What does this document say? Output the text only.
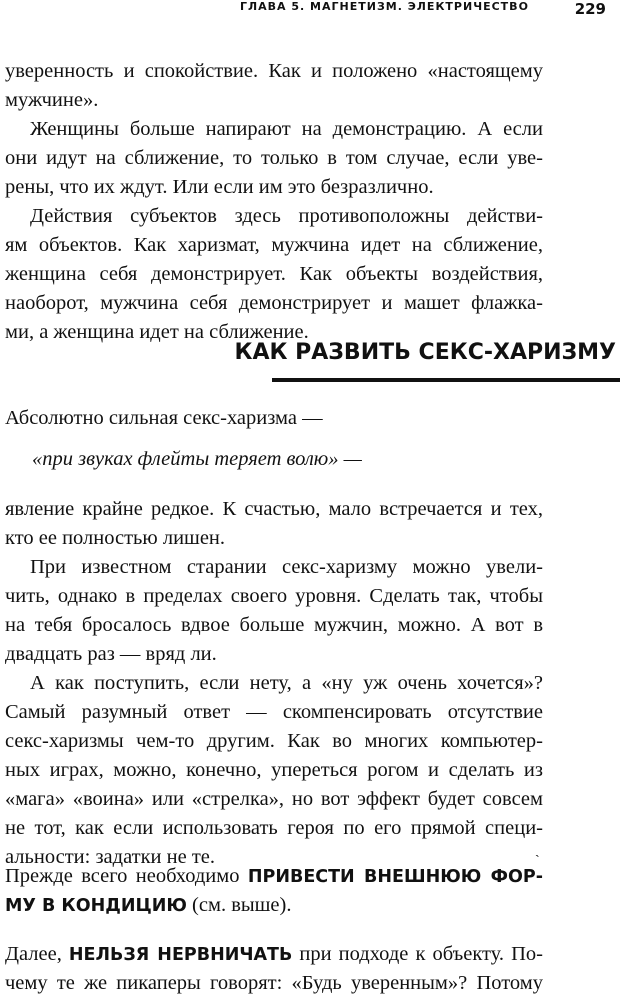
ГЛАВА 5. МАГНЕТИЗМ. ЭЛЕКТРИЧЕСТВО	229
уверенность и спокойствие. Как и положено «настоящему
мужчине».
Женщины больше напирают на демонстрацию. А если
они идут на сближение, то только в том случае, если уве-
рены, что их ждут. Или если им это безразлично.
Действия субъектов здесь противоположны действи-
ям объектов. Как харизмат, мужчина идет на сближение,
женщина себя демонстрирует. Как объекты воздействия,
наоборот, мужчина себя демонстрирует и машет флажка-
ми, а женщина идет на сближение.
КАК РАЗВИТЬ СЕКС-ХАРИЗМУ
Абсолютно сильная секс-харизма —
«при звуках флейты теряет волю» —
явление крайне редкое. К счастью, мало встречается и тех,
кто ее полностью лишен.
При известном старании секс-харизму можно увели-
чить, однако в пределах своего уровня. Сделать так, чтобы
на тебя бросалось вдвое больше мужчин, можно. А вот в
двадцать раз — вряд ли.
А как поступить, если нету, а «ну уж очень хочется»?
Самый разумный ответ — скомпенсировать отсутствие
секс-харизмы чем-то другим. Как во многих компьютер-
ных играх, можно, конечно, упереться рогом и сделать из
«мага» «воина» или «стрелка», но вот эффект будет совсем
не тот, как если использовать героя по его прямой специ-
альности: задатки не те.	ˏ
Прежде всего необходимо ПРИВЕСТИ ВНЕШНЮЮ ФОР-
МУ В КОНДИЦИЮ (см. выше).
Далее, НЕЛЬЗЯ НЕРВНИЧАТЬ при подходе к объекту. По-
чему те же пикаперы говорят: «Будь уверенным»? Потому
